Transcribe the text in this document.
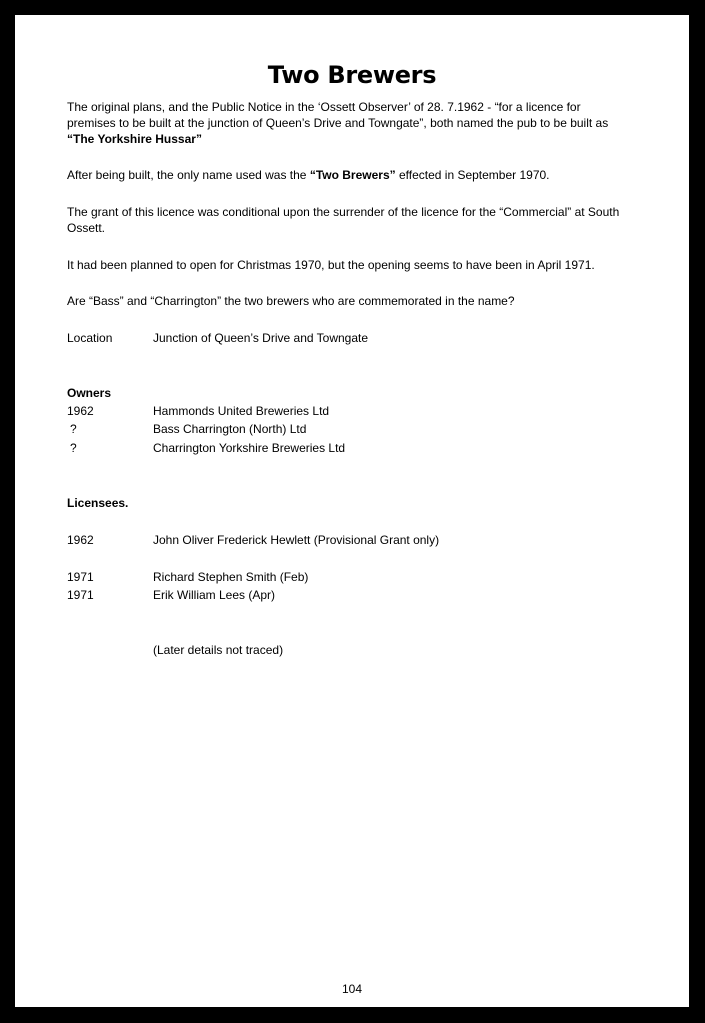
Two Brewers

The original plans, and the Public Notice in the ‘Ossett Observer’ of 28. 7.1962 - “for a licence for premises to be built at the junction of Queen’s Drive and Towngate”, both named the pub to be built as “The Yorkshire Hussar”

After being built, the only name used was the “Two Brewers” effected in September 1970.

The grant of this licence was conditional upon the surrender of the licence for the “Commercial” at South Ossett.

It had been planned to open for Christmas 1970, but the opening seems to have been in April 1971.

Are “Bass” and “Charrington” the two brewers who are commemorated in the name?

Location	Junction of Queen’s Drive and Towngate

Owners

1962	Hammonds United Breweries Ltd

?	Bass Charrington (North) Ltd

?	Charrington Yorkshire Breweries Ltd

Licensees.

1962	John Oliver Frederick Hewlett (Provisional Grant only)

1971	Richard Stephen Smith (Feb)

1971	Erik William Lees (Apr)

(Later details not traced)

104
